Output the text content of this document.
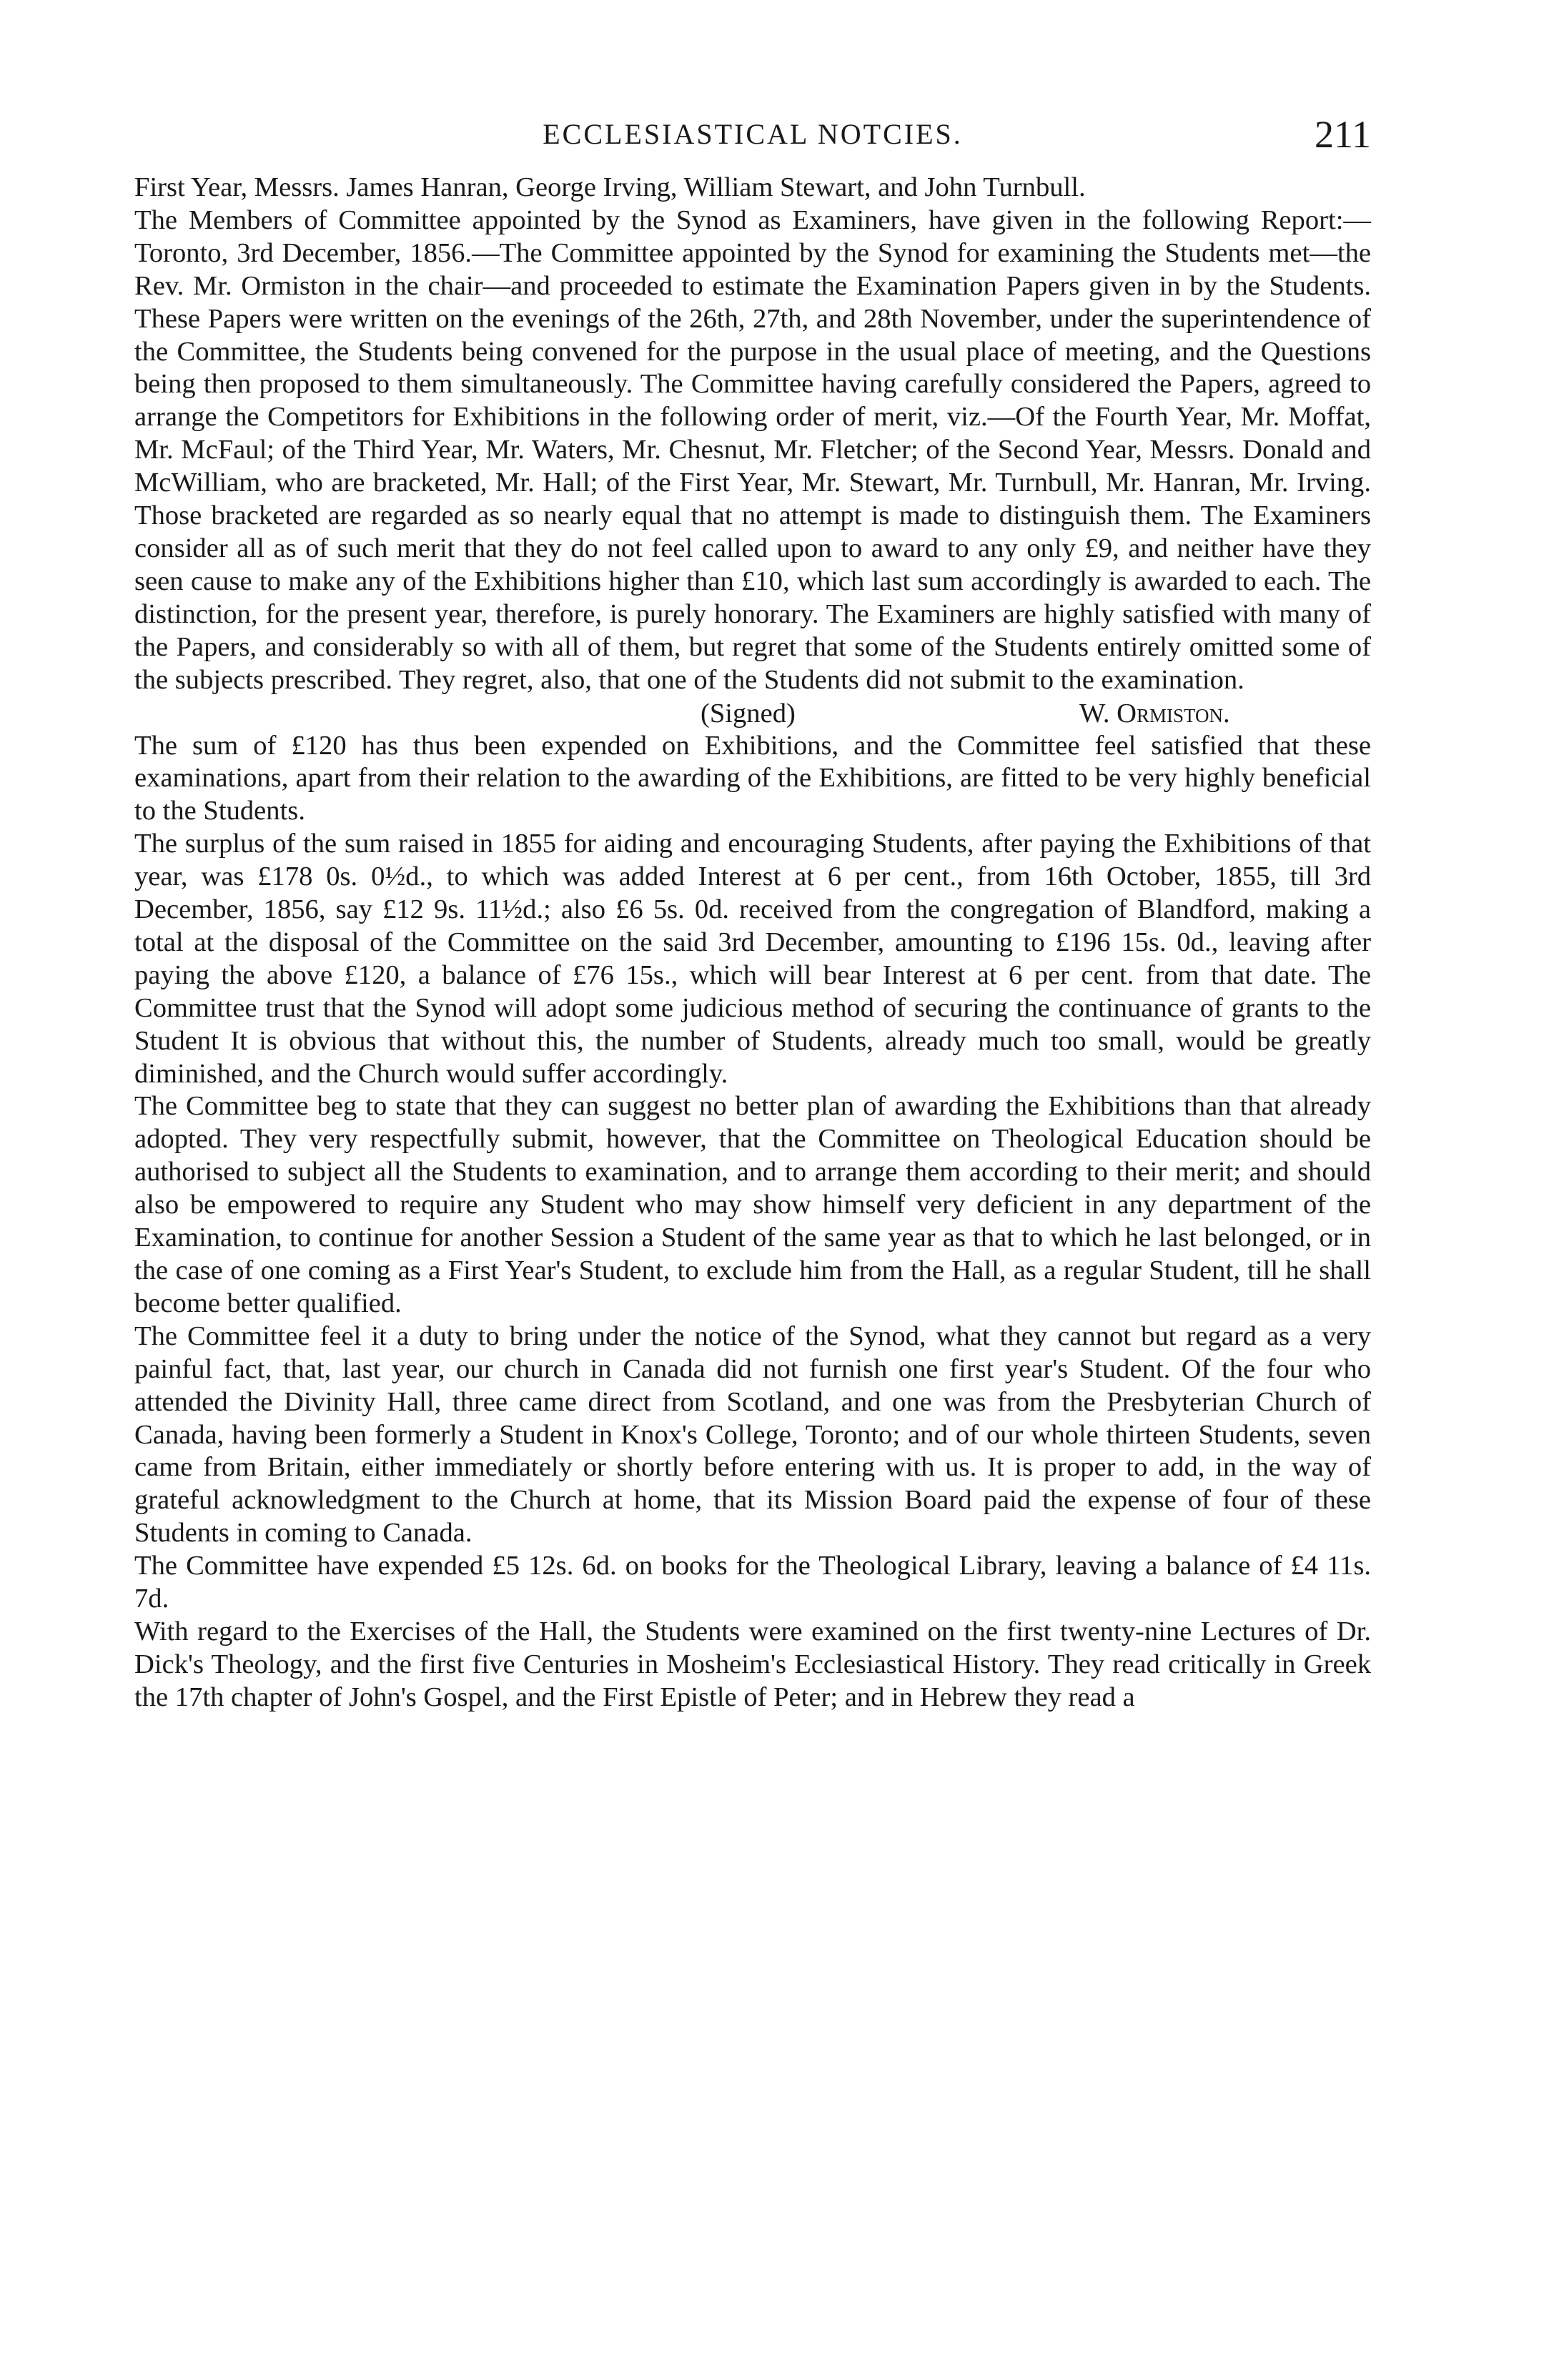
ECCLESIASTICAL NOTCIES.	211

First Year, Messrs. James Hanran, George Irving, William Stewart, and John Turnbull.

The Members of Committee appointed by the Synod as Examiners, have given in the following Report:—Toronto, 3rd December, 1856.—The Committee appointed by the Synod for examining the Students met—the Rev. Mr. Ormiston in the chair—and proceeded to estimate the Examination Papers given in by the Students. These Papers were written on the evenings of the 26th, 27th, and 28th November, under the superintendence of the Committee, the Students being convened for the purpose in the usual place of meeting, and the Questions being then proposed to them simultaneously. The Committee having carefully considered the Papers, agreed to arrange the Competitors for Exhibitions in the following order of merit, viz.—Of the Fourth Year, Mr. Moffat, Mr. McFaul; of the Third Year, Mr. Waters, Mr. Chesnut, Mr. Fletcher; of the Second Year, Messrs. Donald and McWilliam, who are bracketed, Mr. Hall; of the First Year, Mr. Stewart, Mr. Turnbull, Mr. Hanran, Mr. Irving. Those bracketed are regarded as so nearly equal that no attempt is made to distinguish them. The Examiners consider all as of such merit that they do not feel called upon to award to any only £9, and neither have they seen cause to make any of the Exhibitions higher than £10, which last sum accordingly is awarded to each. The distinction, for the present year, therefore, is purely honorary. The Examiners are highly satisfied with many of the Papers, and considerably so with all of them, but regret that some of the Students entirely omitted some of the subjects prescribed. They regret, also, that one of the Students did not submit to the examination.

(Signed)	W. Ormiston.

The sum of £120 has thus been expended on Exhibitions, and the Committee feel satisfied that these examinations, apart from their relation to the awarding of the Exhibitions, are fitted to be very highly beneficial to the Students.

The surplus of the sum raised in 1855 for aiding and encouraging Students, after paying the Exhibitions of that year, was £178 0s. 0½d., to which was added Interest at 6 per cent., from 16th October, 1855, till 3rd December, 1856, say £12 9s. 11½d.; also £6 5s. 0d. received from the congregation of Blandford, making a total at the disposal of the Committee on the said 3rd December, amounting to £196 15s. 0d., leaving after paying the above £120, a balance of £76 15s., which will bear Interest at 6 per cent. from that date. The Committee trust that the Synod will adopt some judicious method of securing the continuance of grants to the Student It is obvious that without this, the number of Students, already much too small, would be greatly diminished, and the Church would suffer accordingly.

The Committee beg to state that they can suggest no better plan of awarding the Exhibitions than that already adopted. They very respectfully submit, however, that the Committee on Theological Education should be authorised to subject all the Students to examination, and to arrange them according to their merit; and should also be empowered to require any Student who may show himself very deficient in any department of the Examination, to continue for another Session a Student of the same year as that to which he last belonged, or in the case of one coming as a First Year's Student, to exclude him from the Hall, as a regular Student, till he shall become better qualified.

The Committee feel it a duty to bring under the notice of the Synod, what they cannot but regard as a very painful fact, that, last year, our church in Canada did not furnish one first year's Student. Of the four who attended the Divinity Hall, three came direct from Scotland, and one was from the Presbyterian Church of Canada, having been formerly a Student in Knox's College, Toronto; and of our whole thirteen Students, seven came from Britain, either immediately or shortly before entering with us. It is proper to add, in the way of grateful acknowledgment to the Church at home, that its Mission Board paid the expense of four of these Students in coming to Canada.

The Committee have expended £5 12s. 6d. on books for the Theological Library, leaving a balance of £4 11s. 7d.

With regard to the Exercises of the Hall, the Students were examined on the first twenty-nine Lectures of Dr. Dick's Theology, and the first five Centuries in Mosheim's Ecclesiastical History. They read critically in Greek the 17th chapter of John's Gospel, and the First Epistle of Peter; and in Hebrew they read a
